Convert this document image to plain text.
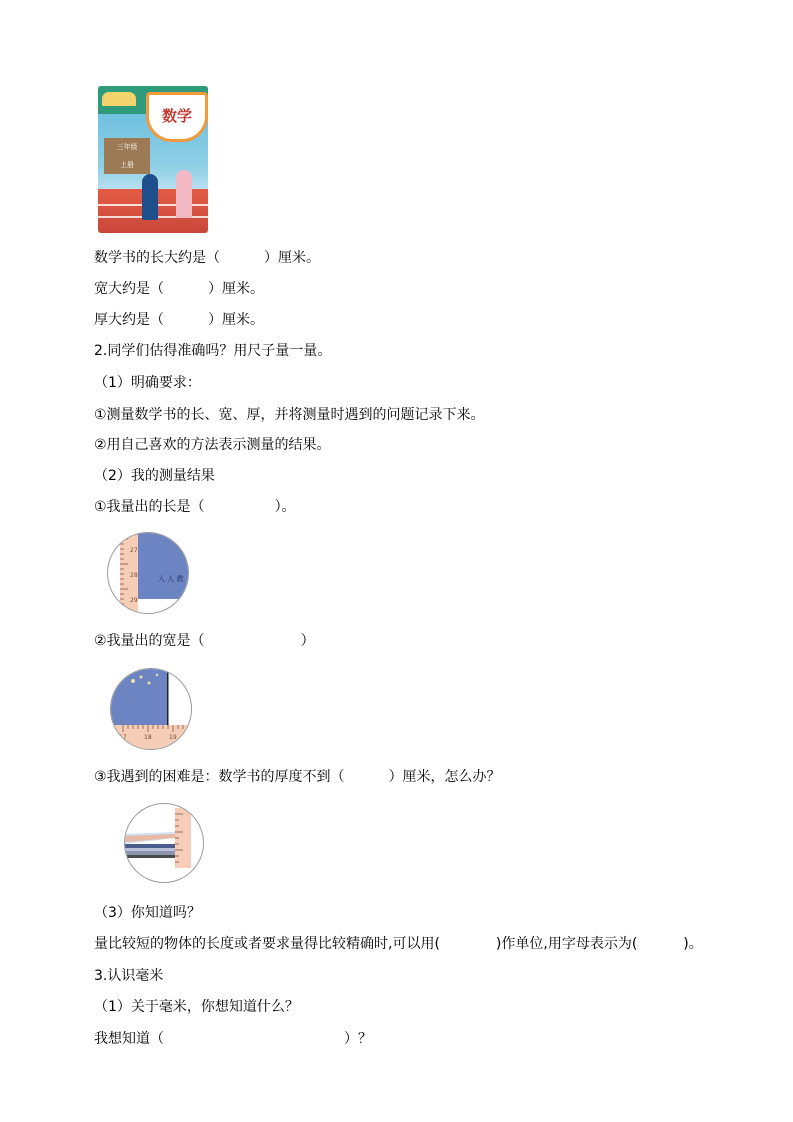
数学
三年级
上册
数学书的长大约是（	）厘米。
宽大约是（	）厘米。
厚大约是（	）厘米。
2.同学们估得准确吗？用尺子量一量。
（1）明确要求：
①测量数学书的长、宽、厚，并将测量时遇到的问题记录下来。
②用自己喜欢的方法表示测量的结果。
（2）我的测量结果
①我量出的长是（	）。
27
28
29
人 人 教
②我量出的宽是（	）
17	18	19
③我遇到的困难是：数学书的厚度不到（	）厘米，怎么办？
（3）你知道吗？
量比较短的物体的长度或者要求量得比较精确时,可以用(	)作单位,用字母表示为(	)。
3.认识毫米
（1）关于毫米，你想知道什么？
我想知道（	）？
